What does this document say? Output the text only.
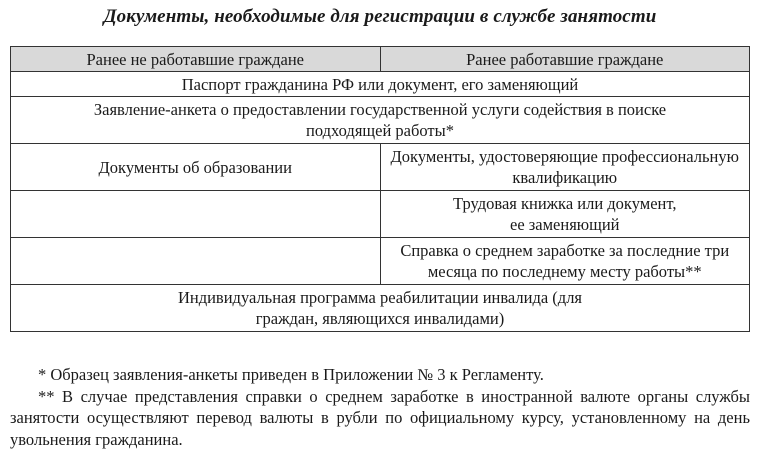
Документы, необходимые для регистрации в службе занятости
Ранее не работавшие граждане	Ранее работавшие граждане
Паспорт гражданина РФ или документ, его заменяющий	
Заявление-анкета о предоставлении государственной услуги содействия в поиске подходящей работы*	
Документы об образовании	Документы, удостоверяющие профессиональную квалификацию
	Трудовая книжка или документ, ее заменяющий
	Справка о среднем заработке за последние три месяца по последнему месту работы**
Индивидуальная программа реабилитации инвалида (для граждан, являющихся инвалидами)	

* Образец заявления-анкеты приведен в Приложении № 3 к Регламенту.

** В случае представления справки о среднем заработке в иностранной валюте органы службы занятости осуществляют перевод валюты в рубли по официальному курсу, установленному на день увольнения гражданина.
